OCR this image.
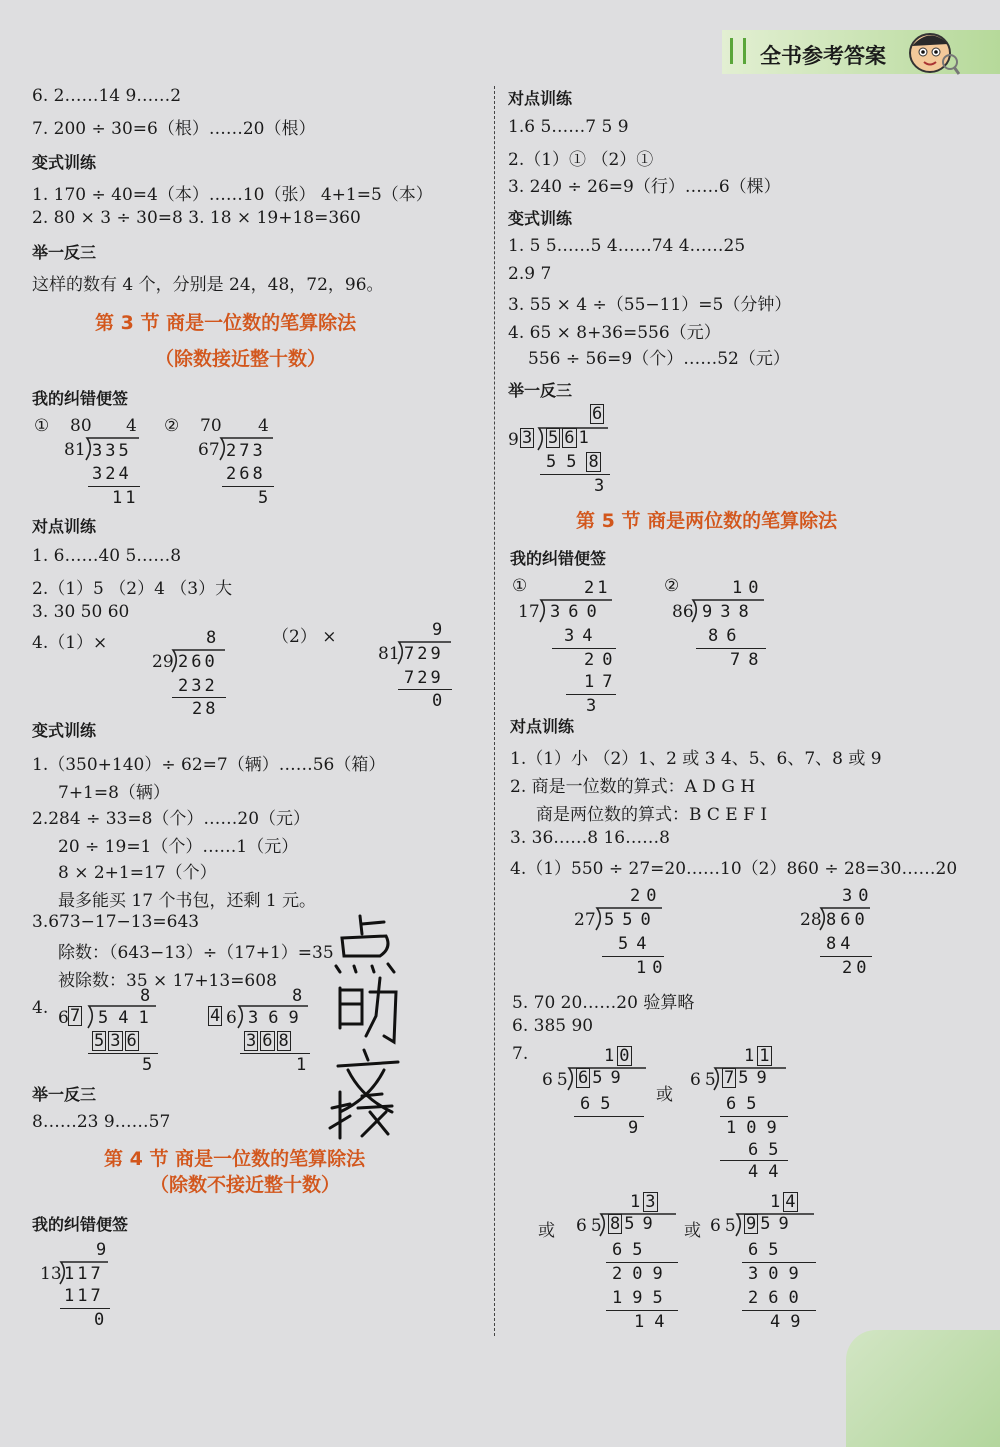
全书参考答案
6. 2……14 9……2
7. 200 ÷ 30=6（根）……20（根）
变式训练
1. 170 ÷ 40=4（本）……10（张） 4+1=5（本）
2. 80 × 3 ÷ 30=8 3. 18 × 19+18=360
举一反三
这样的数有 4 个，分别是 24，48，72，96。
第 3 节 商是一位数的笔算除法
（除数接近整十数）
我的纠错便签
① 80 4
81 335
324
11
② 70 4
67 273
268
5
对点训练
1. 6……40 5……8
2.（1）5 （2）4 （3）大
3. 30 50 60
4.（1）×	（2） ×
8
29 260
232
28
9
81 729
729
0
变式训练
1.（350+140）÷ 62=7（辆）……56（箱）
7+1=8（辆）
2.284 ÷ 33=8（个）……20（元）
20 ÷ 19=1（个）……1（元）
8 × 2+1=17（个）
最多能买 17 个书包，还剩 1 元。
3.673−17−13=643
除数：（643−13）÷（17+1）=35
被除数：35 × 17+13=608
4.
8
6 7 541
5 3 6
5
8
4 6 369
3 6 8
1
举一反三
8……23 9……57
第 4 节 商是一位数的笔算除法
（除数不接近整十数）
我的纠错便签
9
13 117
117
0
对点训练
1.6 5……7 5 9
2.（1）① （2）①
3. 240 ÷ 26=9（行）……6（棵）
变式训练
1. 5 5……5 4……74 4……25
2.9 7
3. 55 × 4 ÷（55−11）=5（分钟）
4. 65 × 8+36=556（元）
556 ÷ 56=9（个）……52（元）
举一反三
6
9 3 5 6 1
55 8
3
第 5 节 商是两位数的笔算除法
我的纠错便签
①	21
17 360
34
20
17
3
②	10
86 938
86
78
对点训练
1.（1）小 （2）1、2 或 3 4、5、6、7、8 或 9
2. 商是一位数的算式：A D G H
商是两位数的算式：B C E F I
3. 36……8 16……8
4.（1）550 ÷ 27=20……10（2）860 ÷ 28=30……20
20
27 550
54
10
30
28 860
84
20
5. 70 20……20 验算略
6. 385 90
7.	1 0
65 6 59
65
9
或
1 1
65 7 59
65
109
65
44
或
1 3
65 8 59
65
209
195
14
或
1 4
65 9 59
65
309
260
49
